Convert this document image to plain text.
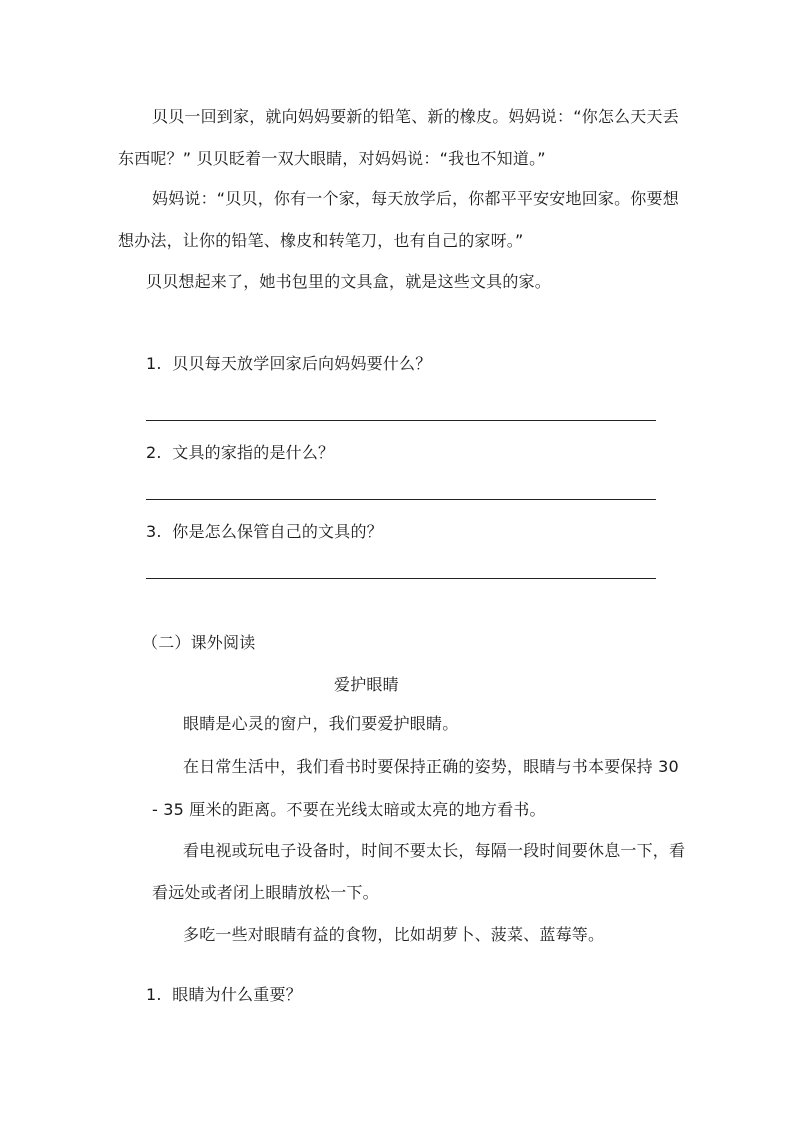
贝贝一回到家，就向妈妈要新的铅笔、新的橡皮。妈妈说：“你怎么天天丢
东西呢？” 贝贝眨着一双大眼睛，对妈妈说：“我也不知道。”
妈妈说：“贝贝，你有一个家，每天放学后，你都平平安安地回家。你要想
想办法，让你的铅笔、橡皮和转笔刀，也有自己的家呀。”
贝贝想起来了，她书包里的文具盒，就是这些文具的家。
1. 贝贝每天放学回家后向妈妈要什么？
2. 文具的家指的是什么？
3. 你是怎么保管自己的文具的？
（二）课外阅读
爱护眼睛
眼睛是心灵的窗户，我们要爱护眼睛。
在日常生活中，我们看书时要保持正确的姿势，眼睛与书本要保持 30
- 35 厘米的距离。不要在光线太暗或太亮的地方看书。
看电视或玩电子设备时，时间不要太长，每隔一段时间要休息一下，看
看远处或者闭上眼睛放松一下。
多吃一些对眼睛有益的食物，比如胡萝卜、菠菜、蓝莓等。
1. 眼睛为什么重要？
